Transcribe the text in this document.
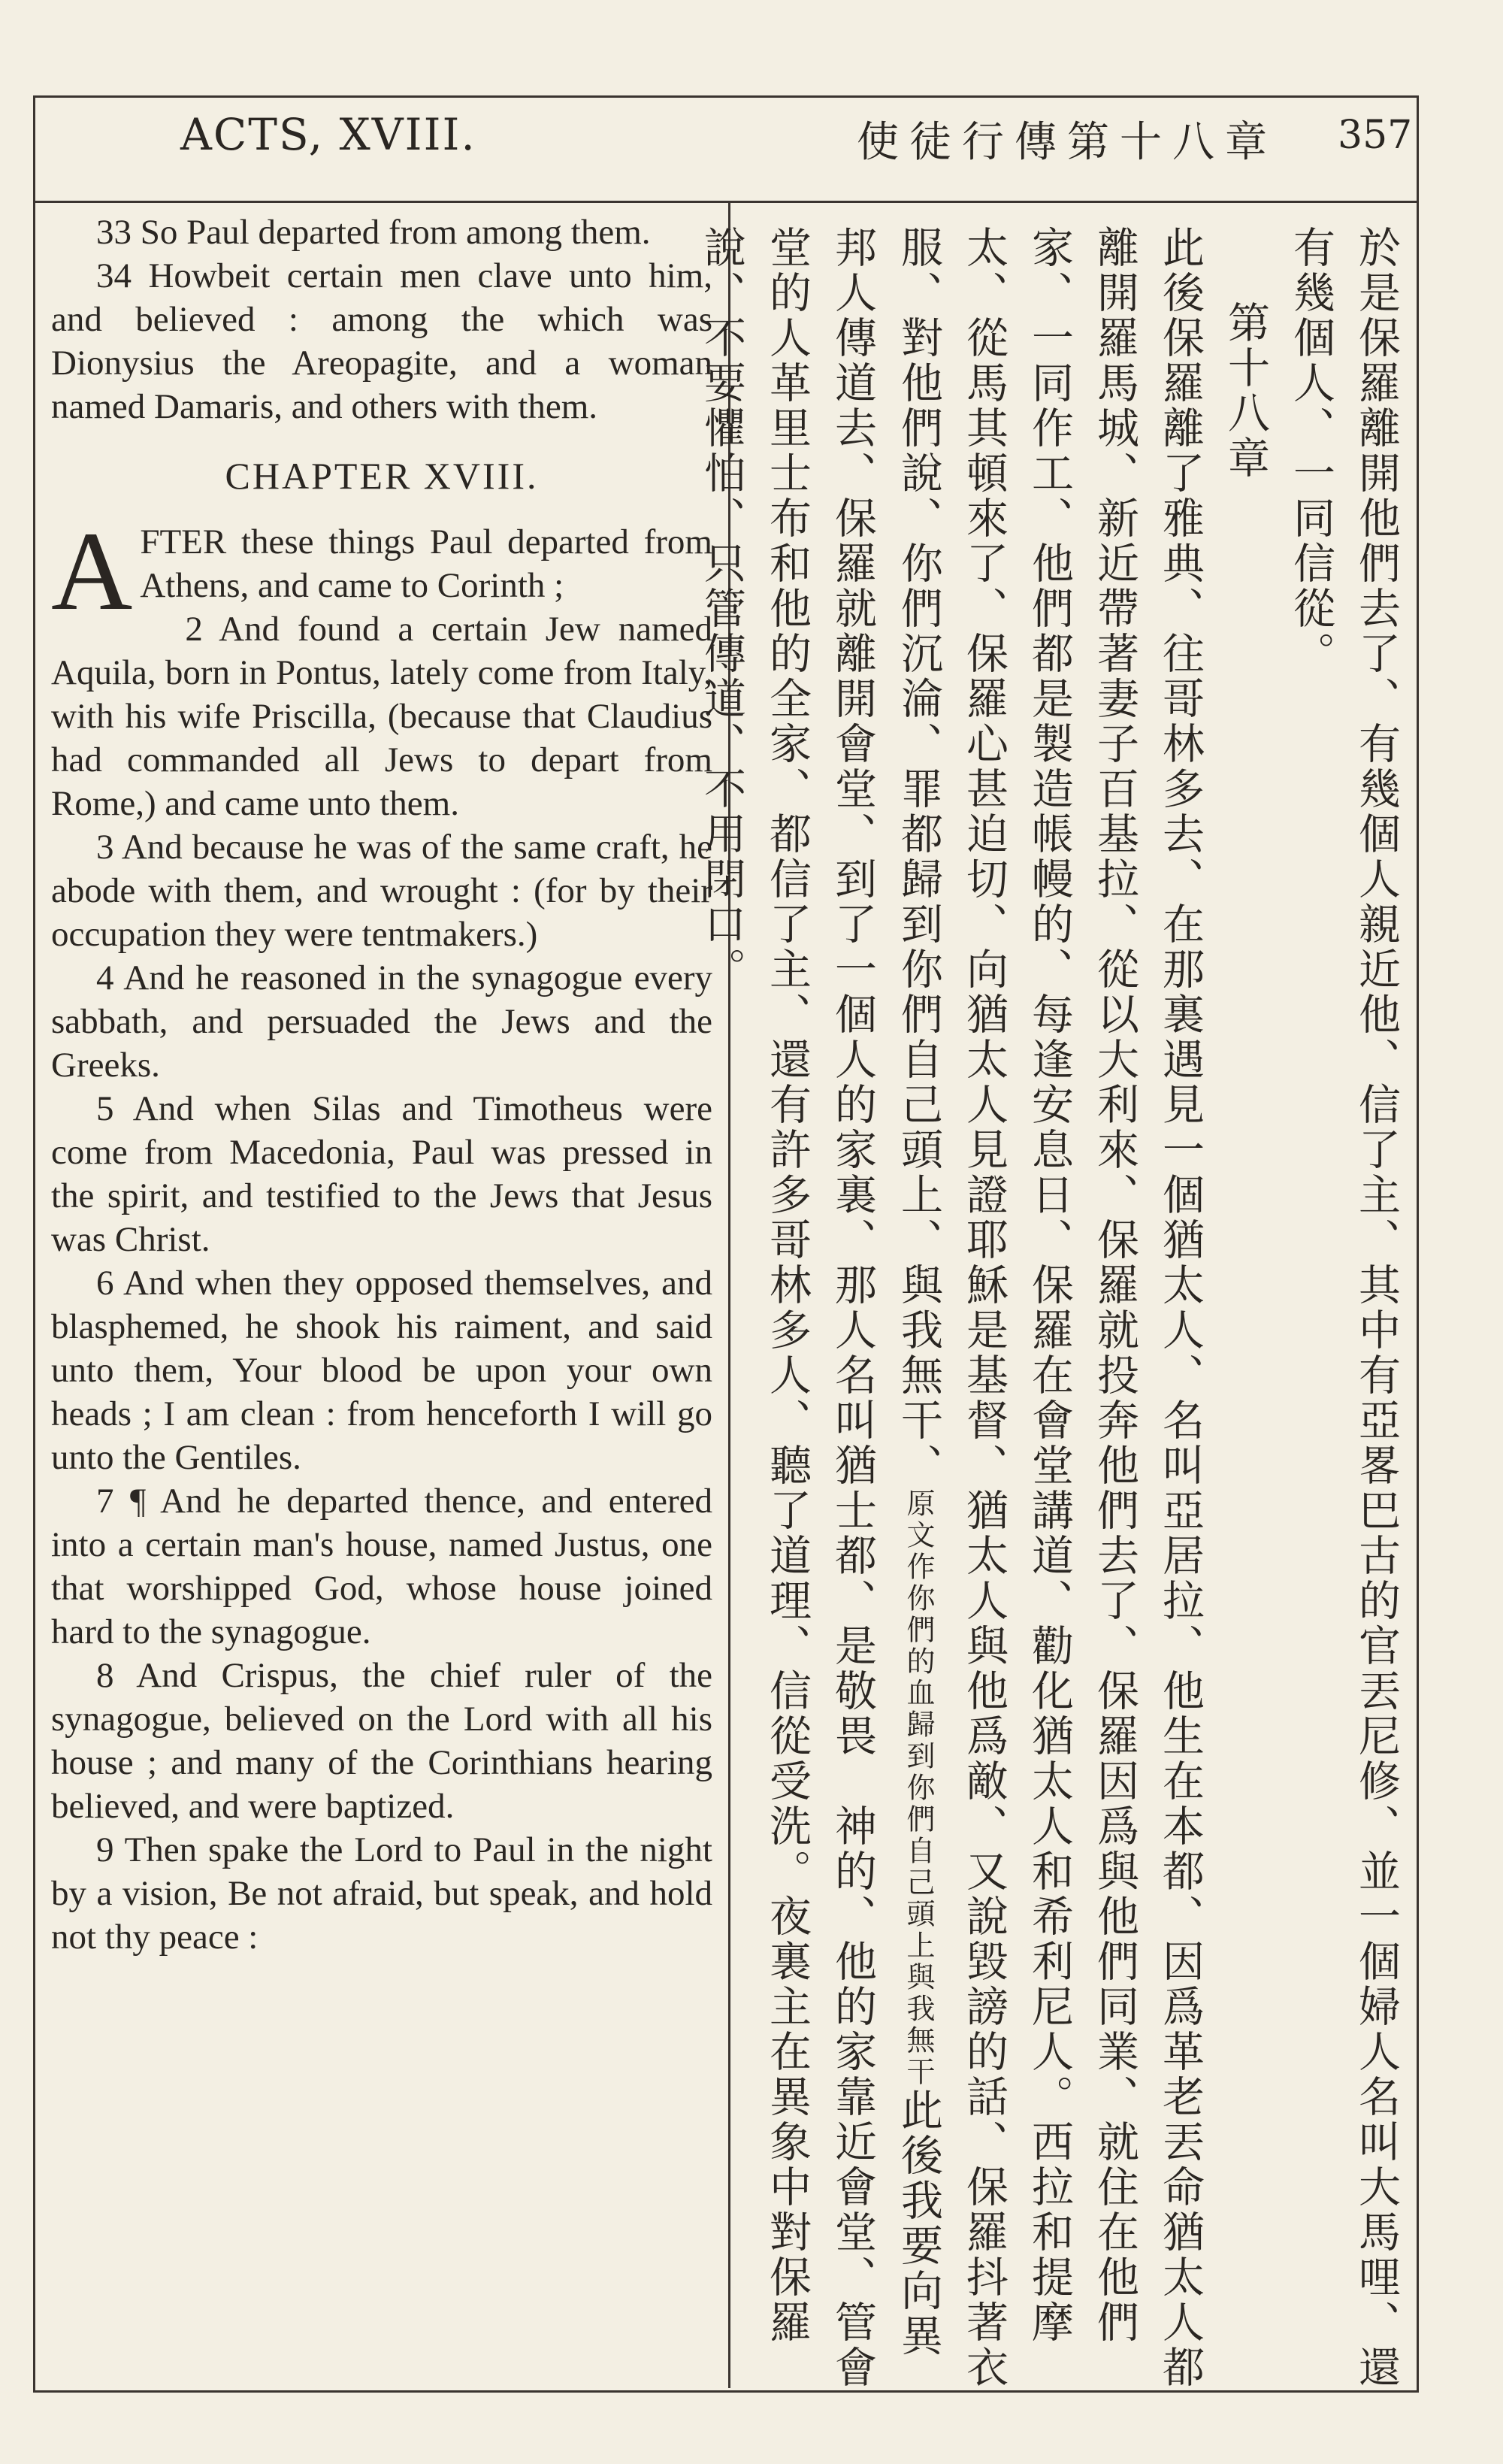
ACTS, XVIII.	使徒行傳第十八章 357

33 So Paul departed from among them.

34 Howbeit certain men clave unto him, and believed : among the which was Dionysius the Areopagite, and a woman named Damaris, and others with them.

CHAPTER XVIII.

A FTER these things Paul departed from Athens, and came to Corinth ;

2 And found a certain Jew named Aquila, born in Pontus, lately come from Italy, with his wife Priscilla, (because that Claudius had commanded all Jews to depart from Rome,) and came unto them.

3 And because he was of the same craft, he abode with them, and wrought : (for by their occupation they were tentmakers.)

4 And he reasoned in the synagogue every sabbath, and persuaded the Jews and the Greeks.

5 And when Silas and Timotheus were come from Macedonia, Paul was pressed in the spirit, and testified to the Jews that Jesus was Christ.

6 And when they opposed themselves, and blasphemed, he shook his raiment, and said unto them, Your blood be upon your own heads ; I am clean : from henceforth I will go unto the Gentiles.

7 ¶ And he departed thence, and entered into a certain man's house, named Justus, one that worshipped God, whose house joined hard to the synagogue.

8 And Crispus, the chief ruler of the synagogue, believed on the Lord with all his house ; and many of the Corinthians hearing believed, and were baptized.

9 Then spake the Lord to Paul in the night by a vision, Be not afraid, but speak, and hold not thy peace :	於是保羅離開他們去了、有幾個人親近他、信了主、其中有亞畧巴古的官丟尼修、並一個婦人名叫大馬哩、還有幾個人、一同信從。

第十八章

此後保羅離了雅典、往哥林多去、在那裏遇見一個猶太人、名叫亞居拉、他生在本都、因爲革老丟命猶太人都離開羅馬城、新近帶著妻子百基拉、從以大利來、保羅就投奔他們去了、保羅因爲與他們同業、就住在他們家、一同作工、他們都是製造帳幔的、每逢安息日、保羅在會堂講道、勸化猶太人和希利尼人。西拉和提摩太、從馬其頓來了、保羅心甚迫切、向猶太人見證耶穌是基督、猶太人與他爲敵、又說毀謗的話、保羅抖著衣服、對他們說、你們沉淪、罪都歸到你們自己頭上、與我無干、原文作你們的血歸到你們自己頭上與我無干此後我要向異邦人傳道去、保羅就離開會堂、到了一個人的家裏、那人名叫猶士都、是敬畏　神的、他的家靠近會堂、管會堂的人革里士布和他的全家、都信了主、還有許多哥林多人、聽了道理、信從受洗。夜裏主在異象中對保羅說、不要懼怕、只管傳道、不用閉口。
